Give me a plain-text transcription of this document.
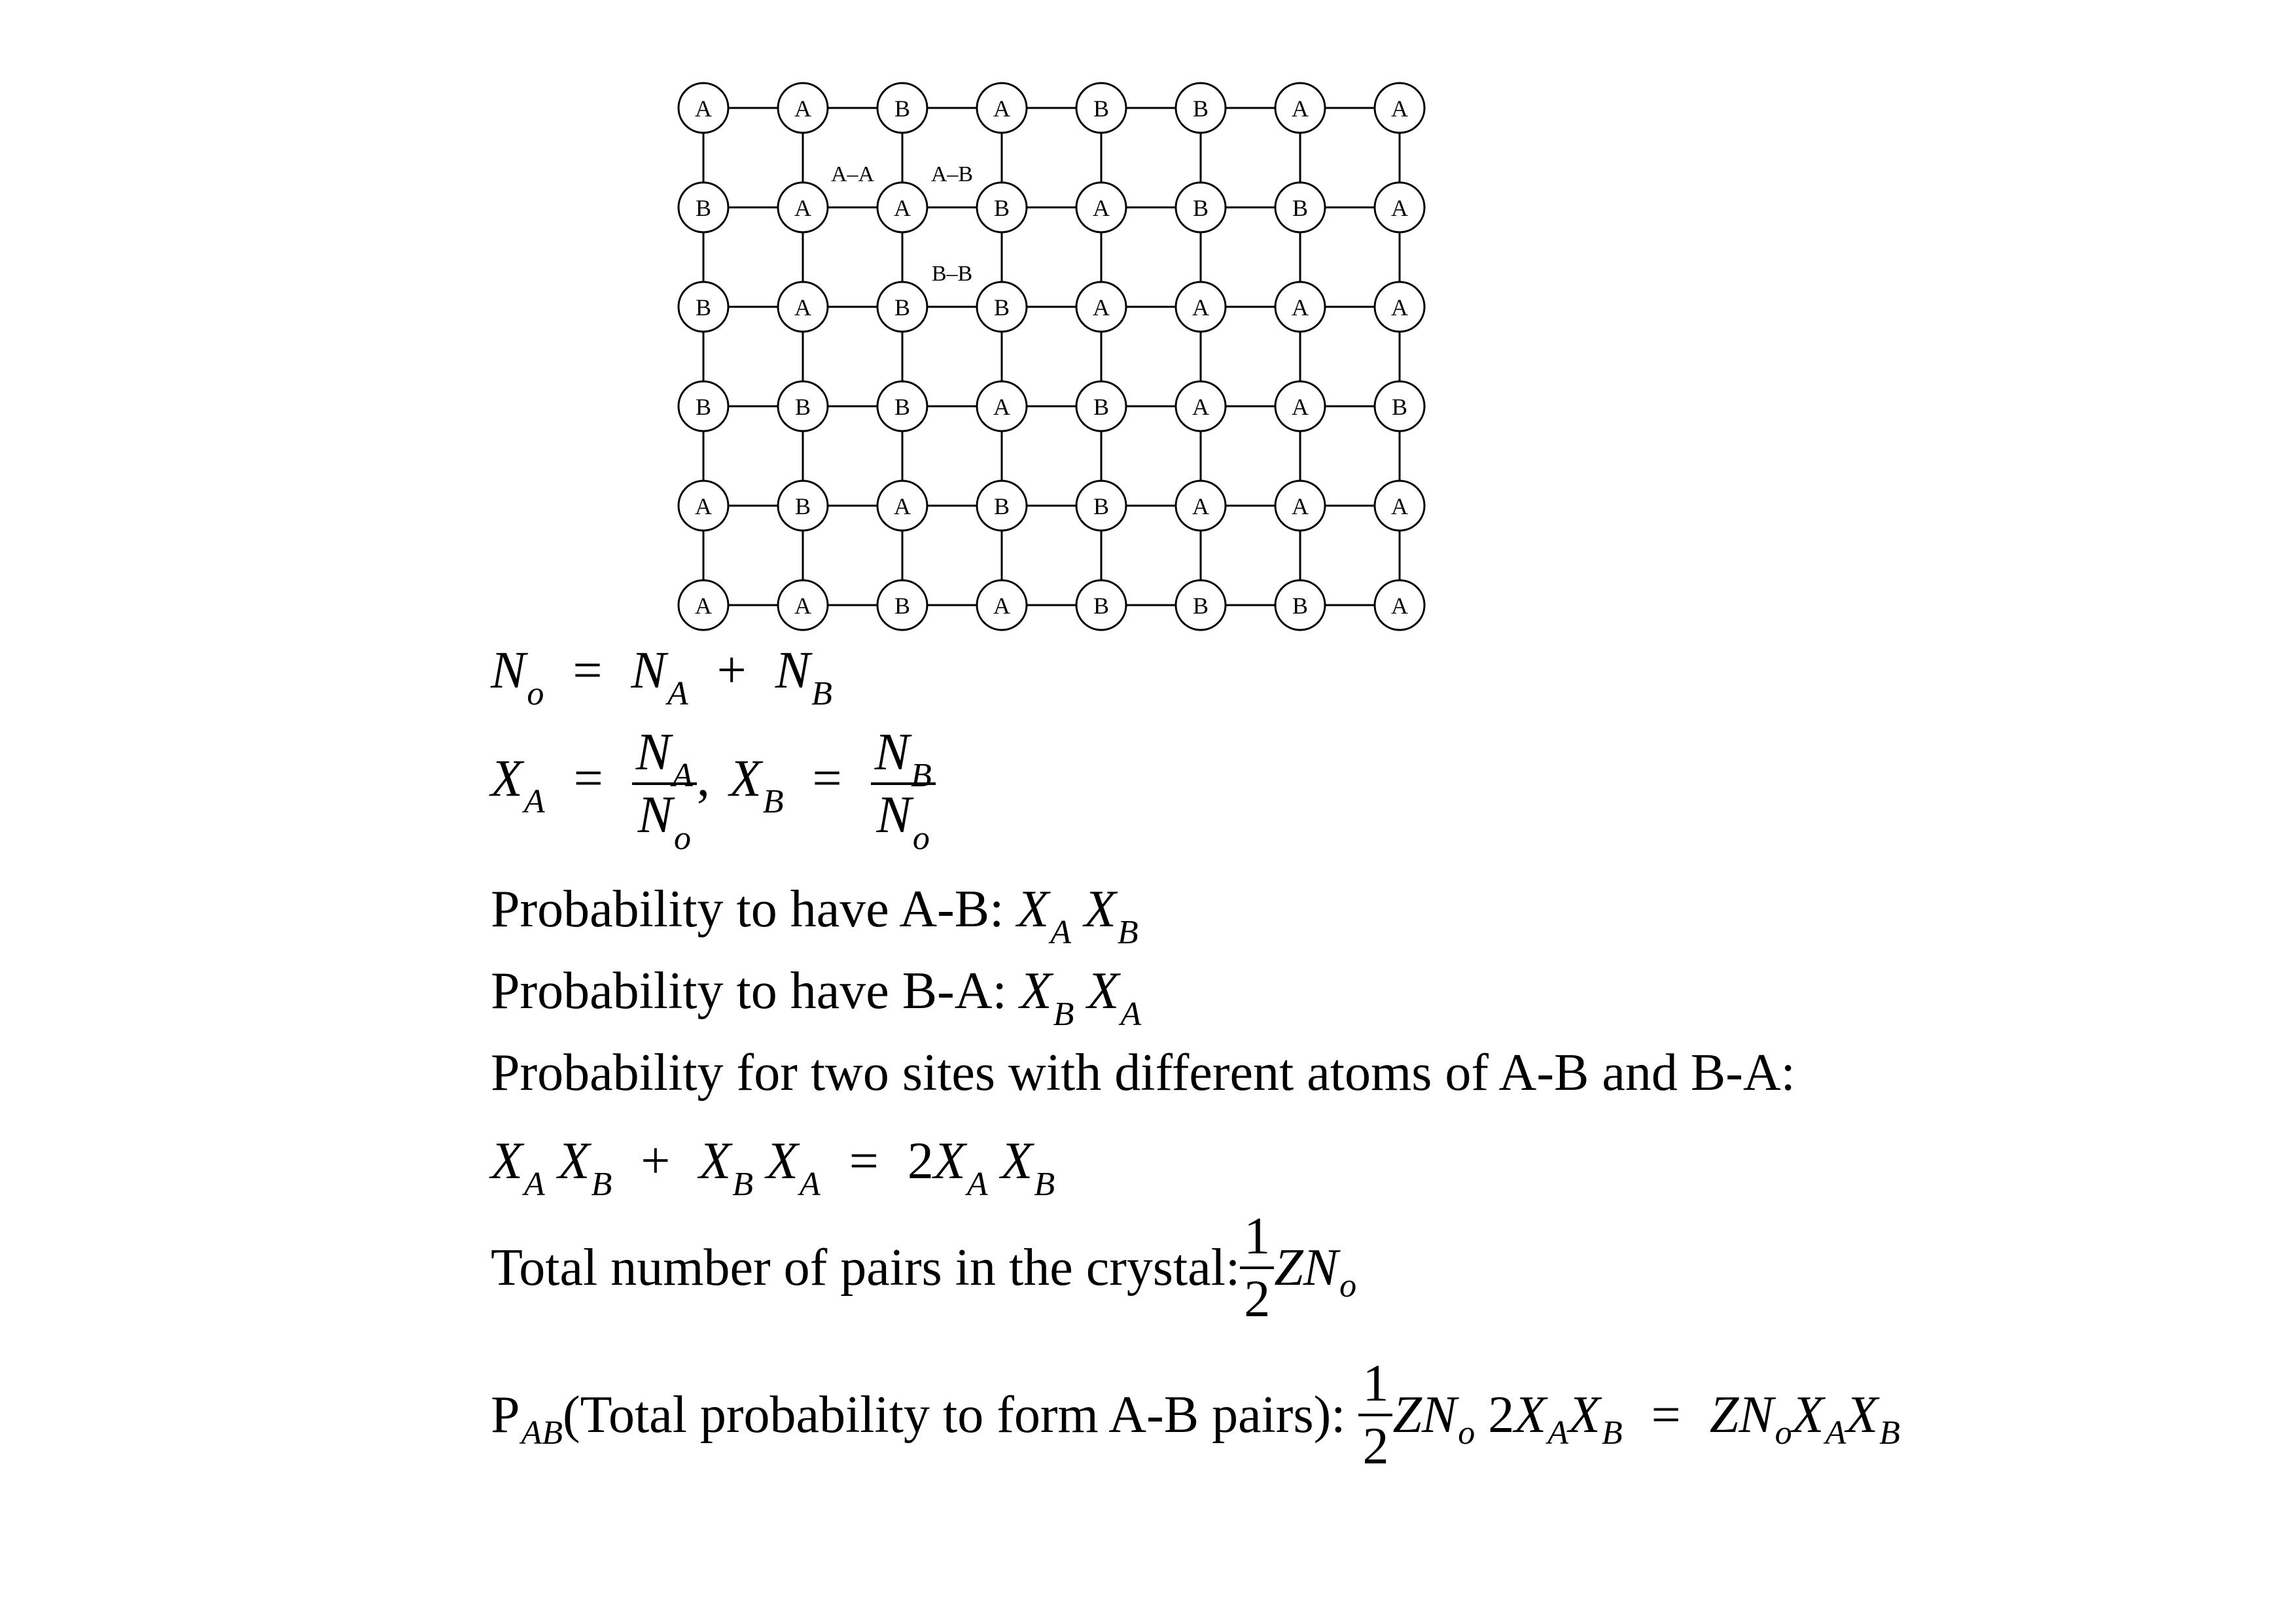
A	A	B	A	B	B	A	A
B	A	A	B	A	B	B	A
B	A	B	B	A	A	A	A
B	B	B	A	B	A	A	B
A	B	A	B	B	A	A	A
A	A	B	A	B	B	B	A
A–A	A–B
B–B
$N_o = N_A + N_B$
$X_A = \frac{N_A}{N_o}$ , $X_B = \frac{N_B}{N_o}$
Probability to have A-B: $X_A$ $X_B$
Probability to have B-A: $X_B$ $X_A$
Probability for two sites with different atoms of A-B and B-A:
$X_A$ $X_B + X_B$ $X_A = 2X_A$ $X_B$
Total number of pairs in the crystal: $\frac{1}{2} ZN_o$
$P_{AB}(Total$ probability to form A-B pairs): $\frac{1}{2} ZN_o$ $2X_AX_B = ZN_oX_AX_B$
